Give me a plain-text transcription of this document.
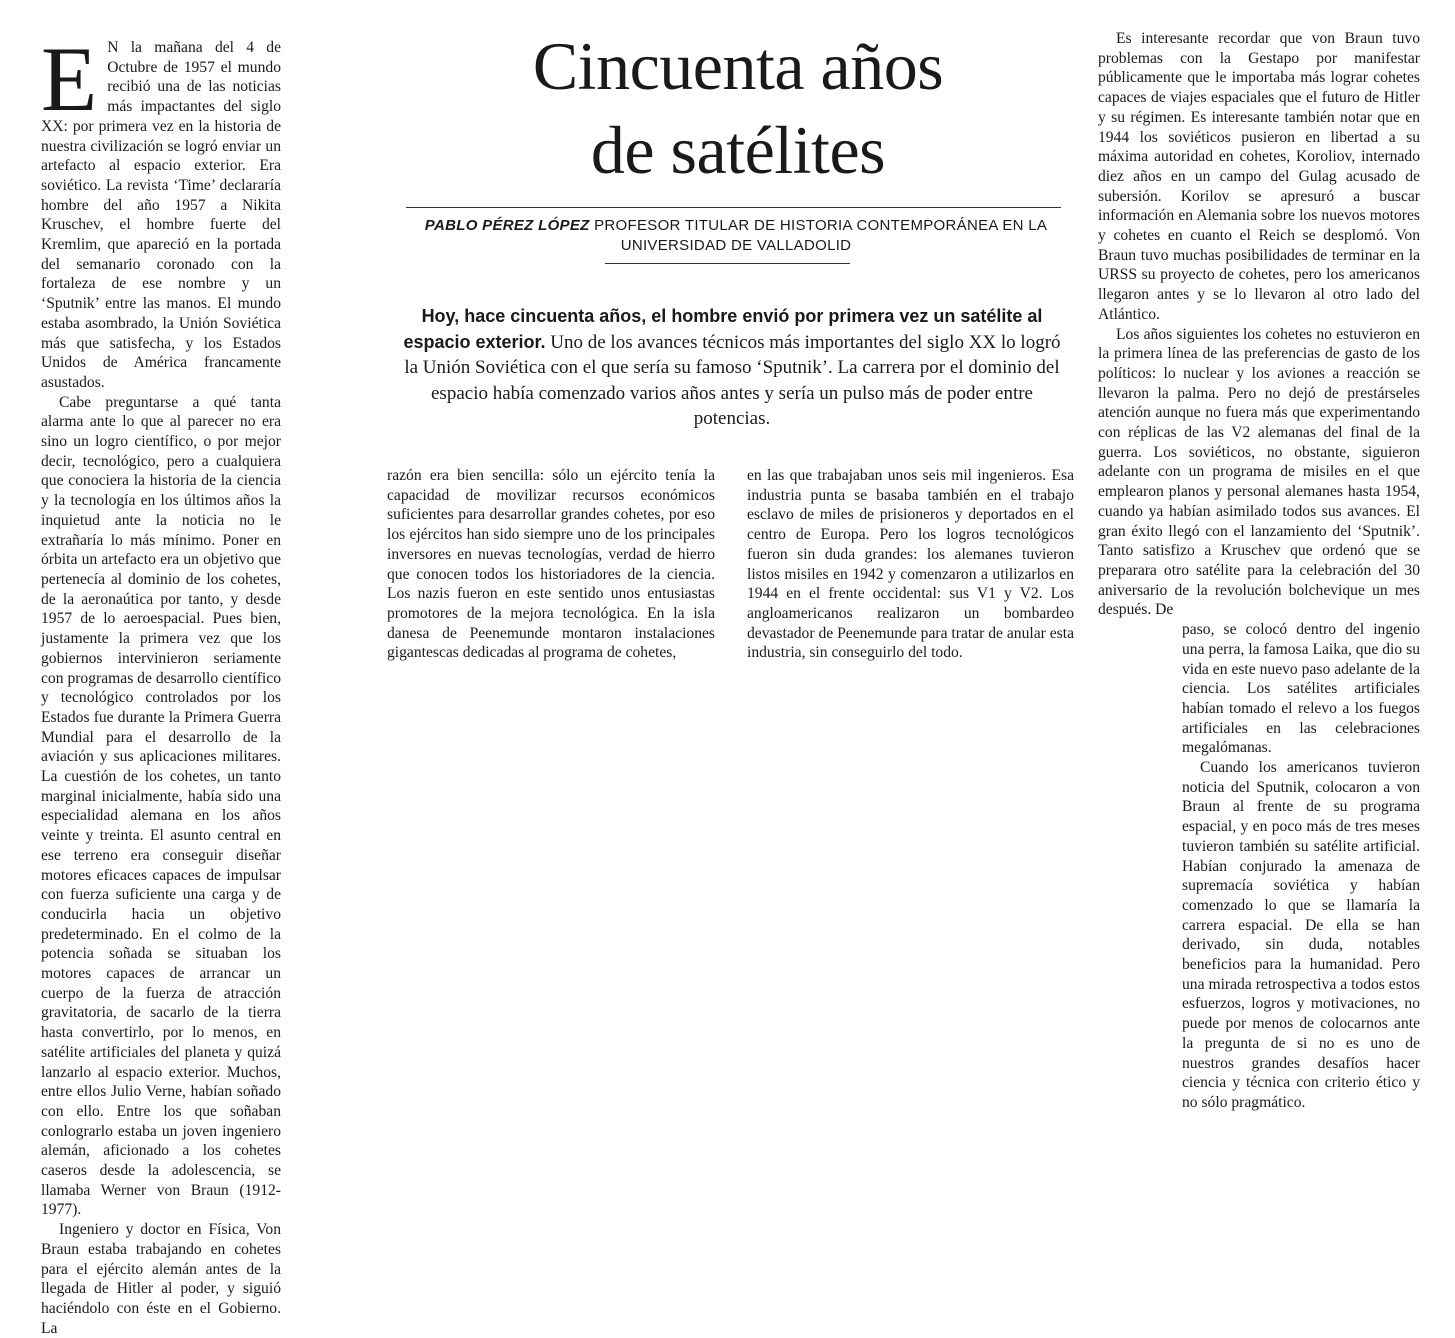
E N la mañana del 4 de Octubre de 1957 el mundo recibió una de las noticias más impactantes del siglo XX: por primera vez en la historia de nuestra civilización se logró enviar un artefacto al espacio exterior. Era soviético. La revista ‘Time’ declararía hombre del año 1957 a Nikita Kruschev, el hombre fuerte del Kremlim, que apareció en la portada del semanario coronado con la fortaleza de ese nombre y un ‘Sputnik’ entre las manos. El mundo estaba asombrado, la Unión Soviética más que satisfecha, y los Estados Unidos de América francamente asustados.

Cabe preguntarse a qué tanta alarma ante lo que al parecer no era sino un logro científico, o por mejor decir, tecnológico, pero a cualquiera que conociera la historia de la ciencia y la tecnología en los últimos años la inquietud ante la noticia no le extrañaría lo más mínimo. Poner en órbita un artefacto era un objetivo que pertenecía al dominio de los cohetes, de la aeronaútica por tanto, y desde 1957 de lo aeroespacial. Pues bien, justamente la primera vez que los gobiernos intervinieron seriamente con programas de desarrollo científico y tecnológico controlados por los Estados fue durante la Primera Guerra Mundial para el desarrollo de la aviación y sus aplicaciones militares. La cuestión de los cohetes, un tanto marginal inicialmente, había sido una especialidad alemana en los años veinte y treinta. El asunto central en ese terreno era conseguir diseñar motores eficaces capaces de impulsar con fuerza suficiente una carga y de conducirla hacia un objetivo predeterminado. En el colmo de la potencia soñada se situaban los motores capaces de arrancar un cuerpo de la fuerza de atracción gravitatoria, de sacarlo de la tierra hasta convertirlo, por lo menos, en satélite artificiales del planeta y quizá lanzarlo al espacio exterior. Muchos, entre ellos Julio Verne, habían soñado con ello. Entre los que soñaban conlograrlo estaba un joven ingeniero alemán, aficionado a los cohetes caseros desde la adolescencia, se llamaba Werner von Braun (1912-1977).

Ingeniero y doctor en Física, Von Braun estaba trabajando en cohetes para el ejército alemán antes de la llegada de Hitler al poder, y siguió haciéndolo con éste en el Gobierno. La

Cincuenta años
de satélites
PABLO PÉREZ LÓPEZ PROFESOR TITULAR DE HISTORIA CONTEMPORÁNEA EN LA UNIVERSIDAD DE VALLADOLID
Hoy, hace cincuenta años, el hombre envió por primera vez un satélite al espacio exterior. Uno de los avances técnicos más importantes del siglo XX lo logró la Unión Soviética con el que sería su famoso ‘Sputnik’. La carrera por el dominio del espacio había comenzado varios años antes y sería un pulso más de poder entre potencias.

razón era bien sencilla: sólo un ejército tenía la capacidad de movilizar recursos económicos suficientes para desarrollar grandes cohetes, por eso los ejércitos han sido siempre uno de los principales inversores en nuevas tecnologías, verdad de hierro que conocen todos los historiadores de la ciencia. Los nazis fueron en este sentido unos entusiastas promotores de la mejora tecnológica. En la isla danesa de Peenemunde montaron instalaciones gigantescas dedicadas al programa de cohetes,

en las que trabajaban unos seis mil ingenieros. Esa industria punta se basaba también en el trabajo esclavo de miles de prisioneros y deportados en el centro de Europa. Pero los logros tecnológicos fueron sin duda grandes: los alemanes tuvieron listos misiles en 1942 y comenzaron a utilizarlos en 1944 en el frente occidental: sus V1 y V2. Los angloamericanos realizaron un bombardeo devastador de Peenemunde para tratar de anular esta industria, sin conseguirlo del todo.

Es interesante recordar que von Braun tuvo problemas con la Gestapo por manifestar públicamente que le importaba más lograr cohetes capaces de viajes espaciales que el futuro de Hitler y su régimen. Es interesante también notar que en 1944 los soviéticos pusieron en libertad a su máxima autoridad en cohetes, Koroliov, internado diez años en un campo del Gulag acusado de subersión. Korilov se apresuró a buscar información en Alemania sobre los nuevos motores y cohetes en cuanto el Reich se desplomó. Von Braun tuvo muchas posibilidades de terminar en la URSS su proyecto de cohetes, pero los americanos llegaron antes y se lo llevaron al otro lado del Atlántico.

Los años siguientes los cohetes no estuvieron en la primera línea de las preferencias de gasto de los políticos: lo nuclear y los aviones a reacción se llevaron la palma. Pero no dejó de prestárseles atención aunque no fuera más que experimentando con réplicas de las V2 alemanas del final de la guerra. Los soviéticos, no obstante, siguieron adelante con un programa de misiles en el que emplearon planos y personal alemanes hasta 1954, cuando ya habían asimilado todos sus avances. El gran éxito llegó con el lanzamiento del ‘Sputnik’. Tanto satisfizo a Kruschev que ordenó que se preparara otro satélite para la celebración del 30 aniversario de la revolución bolchevique un mes después. De

paso, se colocó dentro del ingenio una perra, la famosa Laika, que dio su vida en este nuevo paso adelante de la ciencia. Los satélites artificiales habían tomado el relevo a los fuegos artificiales en las celebraciones megalómanas.

Cuando los americanos tuvieron noticia del Sputnik, colocaron a von Braun al frente de su programa espacial, y en poco más de tres meses tuvieron también su satélite artificial. Habían conjurado la amenaza de supremacía soviética y habían comenzado lo que se llamaría la carrera espacial. De ella se han derivado, sin duda, notables beneficios para la humanidad. Pero una mirada retrospectiva a todos estos esfuerzos, logros y motivaciones, no puede por menos de colocarnos ante la pregunta de si no es uno de nuestros grandes desafíos hacer ciencia y técnica con criterio ético y no sólo pragmático.
